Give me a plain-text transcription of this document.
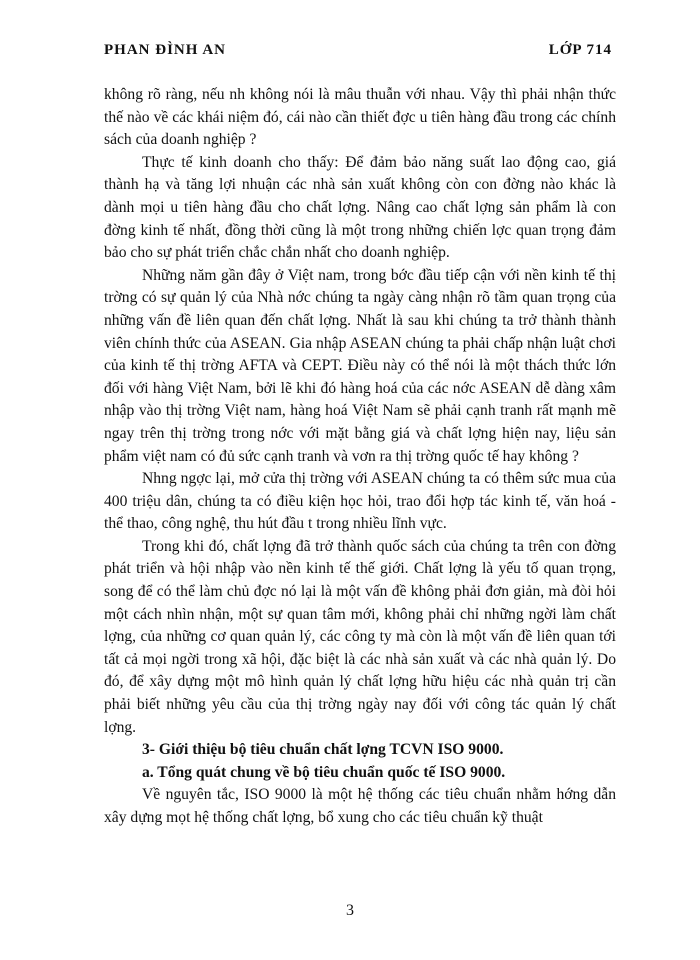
PHAN ĐÌNH AN	LỚP 714

không rõ ràng, nếu nh không nói là mâu thuẫn với nhau. Vậy thì phải nhận thức thế nào về các khái niệm đó, cái nào cần thiết đợc u tiên hàng đầu trong các chính sách của doanh nghiệp ?

Thực tế kinh doanh cho thấy: Để đảm bảo năng suất lao động cao, giá thành hạ và tăng lợi nhuận các nhà sản xuất không còn con đờng nào khác là dành mọi u tiên hàng đầu cho chất lợng. Nâng cao chất lợng sản phẩm là con đờng kinh tế nhất, đồng thời cũng là một trong những chiến lợc quan trọng đảm bảo cho sự phát triển chắc chắn nhất cho doanh nghiệp.

Những năm gần đây ở Việt nam, trong bớc đầu tiếp cận với nền kinh tế thị trờng có sự quản lý của Nhà nớc chúng ta ngày càng nhận rõ tầm quan trọng của những vấn đề liên quan đến chất lợng. Nhất là sau khi chúng ta trở thành thành viên chính thức của ASEAN. Gia nhập ASEAN chúng ta phải chấp nhận luật chơi của kinh tế thị trờng AFTA và CEPT. Điều này có thể nói là một thách thức lớn đối với hàng Việt Nam, bởi lẽ khi đó hàng hoá của các nớc ASEAN dễ dàng xâm nhập vào thị trờng Việt nam, hàng hoá Việt Nam sẽ phải cạnh tranh rất mạnh mẽ ngay trên thị trờng trong nớc với mặt bằng giá và chất lợng hiện nay, liệu sản phẩm việt nam có đủ sức cạnh tranh và vơn ra thị trờng quốc tế hay không ?

Nhng ngợc lại, mở cửa thị trờng với ASEAN chúng ta có thêm sức mua của 400 triệu dân, chúng ta có điều kiện học hỏi, trao đổi hợp tác kinh tế, văn hoá - thể thao, công nghệ, thu hút đầu t trong nhiều lĩnh vực.

Trong khi đó, chất lợng đã trở thành quốc sách của chúng ta trên con đờng phát triển và hội nhập vào nền kinh tế thế giới. Chất lợng là yếu tố quan trọng, song để có thể làm chủ đợc nó lại là một vấn đề không phải đơn giản, mà đòi hỏi một cách nhìn nhận, một sự quan tâm mới, không phải chỉ những ngời làm chất lợng, của những cơ quan quản lý, các công ty mà còn là một vấn đề liên quan tới tất cả mọi ngời trong xã hội, đặc biệt là các nhà sản xuất và các nhà quản lý. Do đó, để xây dựng một mô hình quản lý chất lợng hữu hiệu các nhà quản trị cần phải biết những yêu cầu của thị trờng ngày nay đối với công tác quản lý chất lợng.

3- Giới thiệu bộ tiêu chuẩn chất lợng TCVN ISO 9000.

a. Tổng quát chung về bộ tiêu chuẩn quốc tế ISO 9000.

Về nguyên tắc, ISO 9000 là một hệ thống các tiêu chuẩn nhằm hớng dẫn xây dựng mọt hệ thống chất lợng, bổ xung cho các tiêu chuẩn kỹ thuật

3
